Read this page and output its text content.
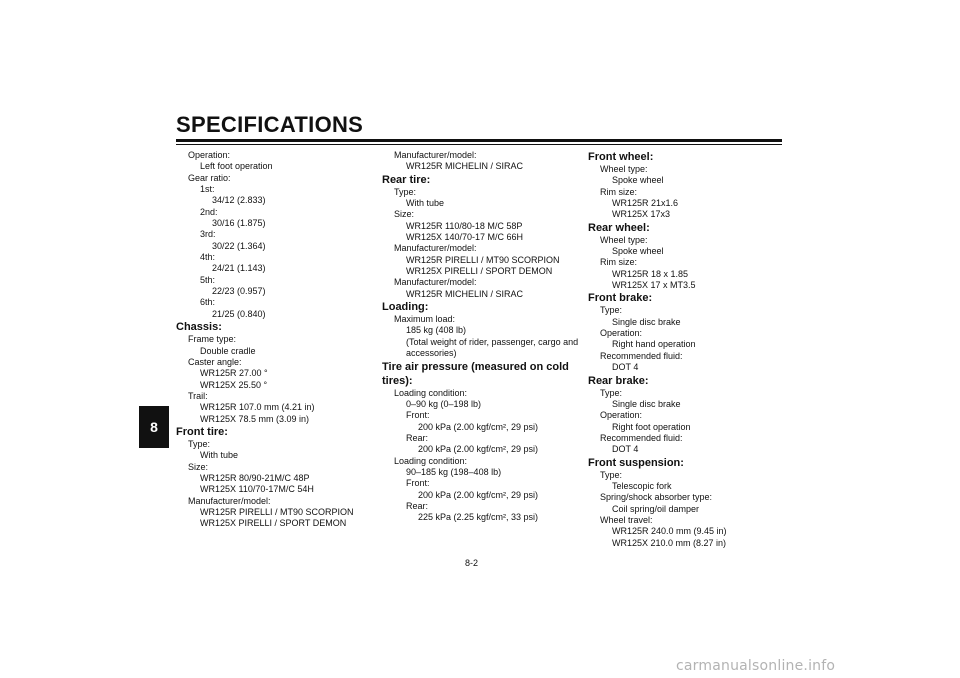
SPECIFICATIONS
8
Operation:
Left foot operation
Gear ratio:
1st:
34/12 (2.833)
2nd:
30/16 (1.875)
3rd:
30/22 (1.364)
4th:
24/21 (1.143)
5th:
22/23 (0.957)
6th:
21/25 (0.840)
Chassis:
Frame type:
Double cradle
Caster angle:
WR125R 27.00 °
WR125X 25.50 °
Trail:
WR125R 107.0 mm (4.21 in)
WR125X 78.5 mm (3.09 in)
Front tire:
Type:
With tube
Size:
WR125R 80/90-21M/C 48P
WR125X 110/70-17M/C 54H
Manufacturer/model:
WR125R PIRELLI / MT90 SCORPION
WR125X PIRELLI / SPORT DEMON
Manufacturer/model:
WR125R MICHELIN / SIRAC
Rear tire:
Type:
With tube
Size:
WR125R 110/80-18 M/C 58P
WR125X 140/70-17 M/C 66H
Manufacturer/model:
WR125R PIRELLI / MT90 SCORPION
WR125X PIRELLI / SPORT DEMON
Manufacturer/model:
WR125R MICHELIN / SIRAC
Loading:
Maximum load:
185 kg (408 lb)
(Total weight of rider, passenger, cargo and
accessories)
Tire air pressure (measured on cold
tires):
Loading condition:
0–90 kg (0–198 lb)
Front:
200 kPa (2.00 kgf/cm², 29 psi)
Rear:
200 kPa (2.00 kgf/cm², 29 psi)
Loading condition:
90–185 kg (198–408 lb)
Front:
200 kPa (2.00 kgf/cm², 29 psi)
Rear:
225 kPa (2.25 kgf/cm², 33 psi)
Front wheel:
Wheel type:
Spoke wheel
Rim size:
WR125R 21x1.6
WR125X 17x3
Rear wheel:
Wheel type:
Spoke wheel
Rim size:
WR125R 18 x 1.85
WR125X 17 x MT3.5
Front brake:
Type:
Single disc brake
Operation:
Right hand operation
Recommended fluid:
DOT 4
Rear brake:
Type:
Single disc brake
Operation:
Right foot operation
Recommended fluid:
DOT 4
Front suspension:
Type:
Telescopic fork
Spring/shock absorber type:
Coil spring/oil damper
Wheel travel:
WR125R 240.0 mm (9.45 in)
WR125X 210.0 mm (8.27 in)
8-2
carmanualsonline.info
